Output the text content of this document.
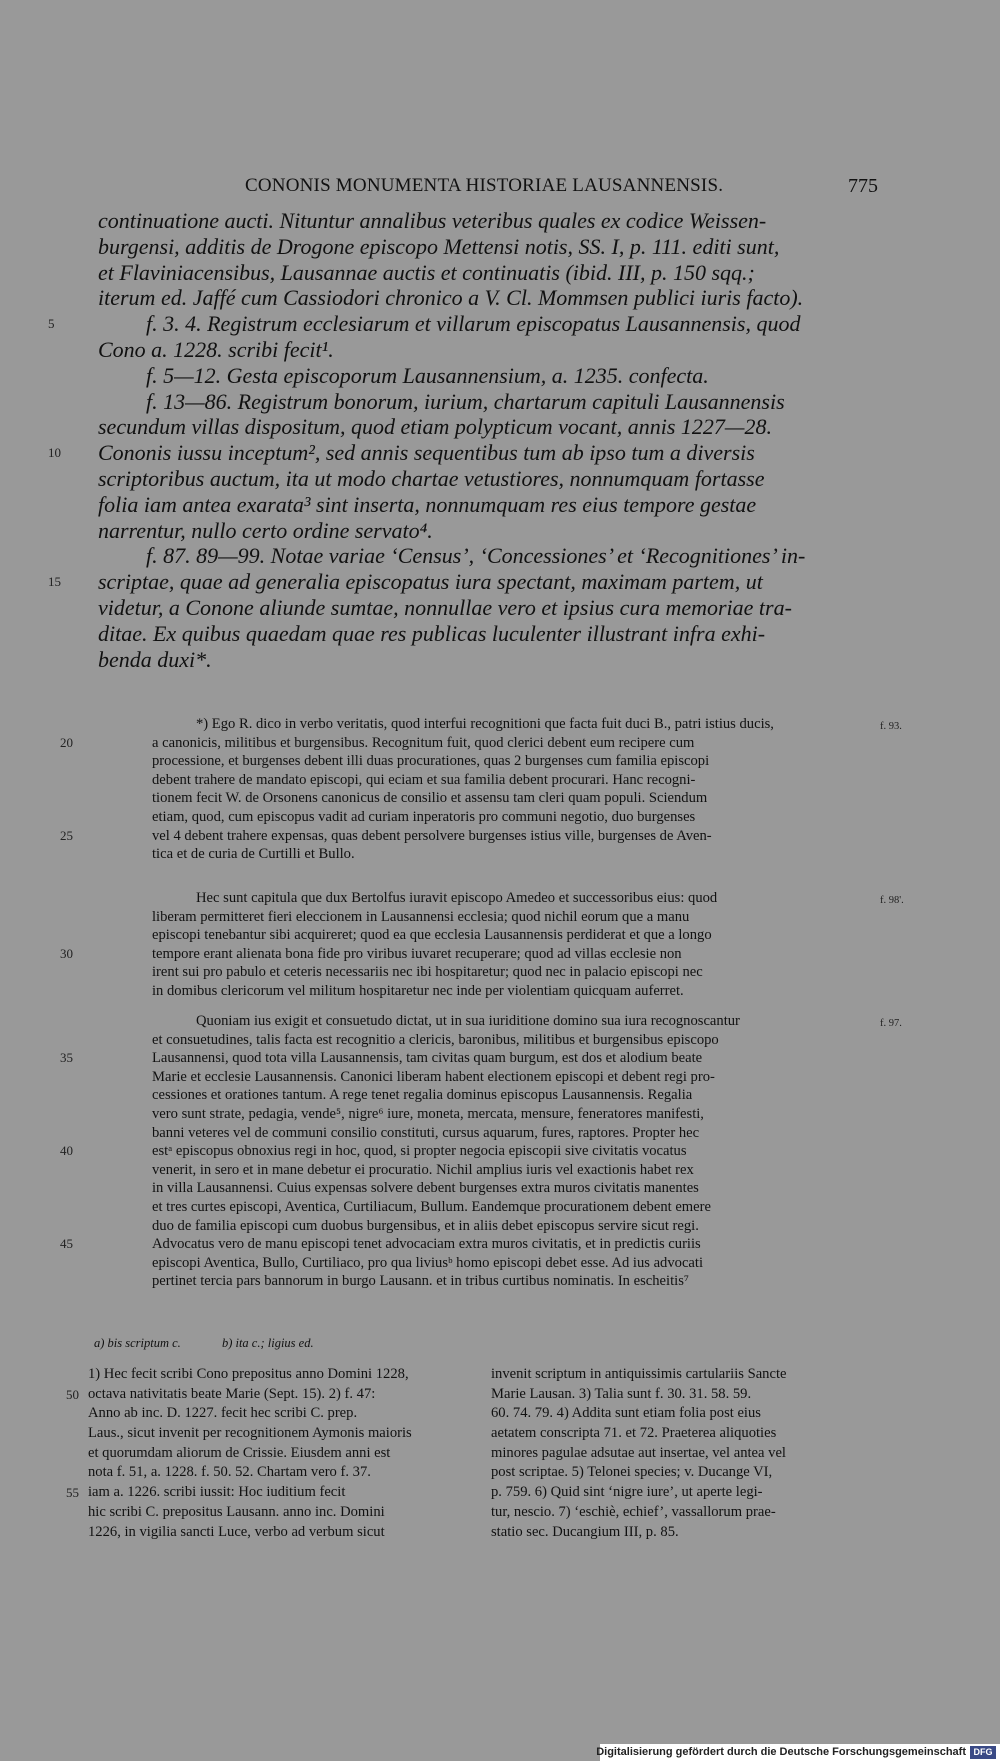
CONONIS MONUMENTA HISTORIAE LAUSANNENSIS.	775
continuatione aucti. Nituntur annalibus veteribus quales ex codice Weissen-
burgensi, additis de Drogone episcopo Mettensi notis, SS. I, p. 111. editi sunt,
et Flaviniacensibus, Lausannae auctis et continuatis (ibid. III, p. 150 sqq.;
iterum ed. Jaffé cum Cassiodori chronico a V. Cl. Mommsen publici iuris facto).
f. 3. 4. Registrum ecclesiarum et villarum episcopatus Lausannensis, quod
5
Cono a. 1228. scribi fecit¹.
f. 5—12. Gesta episcoporum Lausannensium, a. 1235. confecta.
f. 13—86. Registrum bonorum, iurium, chartarum capituli Lausannensis
secundum villas dispositum, quod etiam polypticum vocant, annis 1227—28.
Cononis iussu inceptum², sed annis sequentibus tum ab ipso tum a diversis
10
scriptoribus auctum, ita ut modo chartae vetustiores, nonnumquam fortasse
folia iam antea exarata³ sint inserta, nonnumquam res eius tempore gestae
narrentur, nullo certo ordine servato⁴.
f. 87. 89—99. Notae variae ‘Census’, ‘Concessiones’ et ‘Recognitiones’ in-
scriptae, quae ad generalia episcopatus iura spectant, maximam partem, ut
15
videtur, a Conone aliunde sumtae, nonnullae vero et ipsius cura memoriae tra-
ditae. Ex quibus quaedam quae res publicas luculenter illustrant infra exhi-
benda duxi*.
*) Ego R. dico in verbo veritatis, quod interfui recognitioni que facta fuit duci B., patri istius ducis,	f. 93.
a canonicis, militibus et burgensibus. Recognitum fuit, quod clerici debent eum recipere cum
20
processione, et burgenses debent illi duas procurationes, quas 2 burgenses cum familia episcopi
debent trahere de mandato episcopi, qui eciam et sua familia debent procurari. Hanc recogni-
tionem fecit W. de Orsonens canonicus de consilio et assensu tam cleri quam populi. Sciendum
etiam, quod, cum episcopus vadit ad curiam inperatoris pro communi negotio, duo burgenses
vel 4 debent trahere expensas, quas debent persolvere burgenses istius ville, burgenses de Aven-
25
tica et de curia de Curtilli et Bullo.
Hec sunt capitula que dux Bertolfus iuravit episcopo Amedeo et successoribus eius: quod	f. 98'.
liberam permitteret fieri eleccionem in Lausannensi ecclesia; quod nichil eorum que a manu
episcopi tenebantur sibi acquireret; quod ea que ecclesia Lausannensis perdiderat et que a longo
tempore erant alienata bona fide pro viribus iuvaret recuperare; quod ad villas ecclesie non
30
irent sui pro pabulo et ceteris necessariis nec ibi hospitaretur; quod nec in palacio episcopi nec
in domibus clericorum vel militum hospitaretur nec inde per violentiam quicquam auferret.
Quoniam ius exigit et consuetudo dictat, ut in sua iuriditione domino sua iura recognoscantur	f. 97.
et consuetudines, talis facta est recognitio a clericis, baronibus, militibus et burgensibus episcopo
Lausannensi, quod tota villa Lausannensis, tam civitas quam burgum, est dos et alodium beate
35
Marie et ecclesie Lausannensis. Canonici liberam habent electionem episcopi et debent regi pro-
cessiones et orationes tantum. A rege tenet regalia dominus episcopus Lausannensis. Regalia
vero sunt strate, pedagia, vende⁵, nigre⁶ iure, moneta, mercata, mensure, feneratores manifesti,
banni veteres vel de communi consilio constituti, cursus aquarum, fures, raptores. Propter hec
estᵃ episcopus obnoxius regi in hoc, quod, si propter negocia episcopii sive civitatis vocatus
40
venerit, in sero et in mane debetur ei procuratio. Nichil amplius iuris vel exactionis habet rex
in villa Lausannensi. Cuius expensas solvere debent burgenses extra muros civitatis manentes
et tres curtes episcopi, Aventica, Curtiliacum, Bullum. Eandemque procurationem debent emere
duo de familia episcopi cum duobus burgensibus, et in aliis debet episcopus servire sicut regi.
Advocatus vero de manu episcopi tenet advocaciam extra muros civitatis, et in predictis curiis
45
episcopi Aventica, Bullo, Curtiliaco, pro qua liviusᵇ homo episcopi debet esse. Ad ius advocati
pertinet tercia pars bannorum in burgo Lausann. et in tribus curtibus nominatis. In escheitis⁷
a) bis scriptum c.	b) ita c.; ligius ed.
1) Hec fecit scribi Cono prepositus anno Domini 1228,
octava nativitatis beate Marie (Sept. 15). 2) f. 47:
50
Anno ab inc. D. 1227. fecit hec scribi C. prep.
Laus., sicut invenit per recognitionem Aymonis maioris
et quorumdam aliorum de Crissie. Eiusdem anni est
nota f. 51, a. 1228. f. 50. 52. Chartam vero f. 37.
iam a. 1226. scribi iussit: Hoc iuditium fecit
55
hic scribi C. prepositus Lausann. anno inc. Domini
1226, in vigilia sancti Luce, verbo ad verbum sicut
invenit scriptum in antiquissimis cartulariis Sancte
Marie Lausan. 3) Talia sunt f. 30. 31. 58. 59.
60. 74. 79. 4) Addita sunt etiam folia post eius
aetatem conscripta 71. et 72. Praeterea aliquoties
minores pagulae adsutae aut insertae, vel antea vel
post scriptae. 5) Telonei species; v. Ducange VI,
p. 759. 6) Quid sint ‘nigre iure’, ut aperte legi-
tur, nescio. 7) ‘eschiè, echief’, vassallorum prae-
statio sec. Ducangium III, p. 85.
Digitalisierung gefördert durch die Deutsche Forschungsgemeinschaft DFG
